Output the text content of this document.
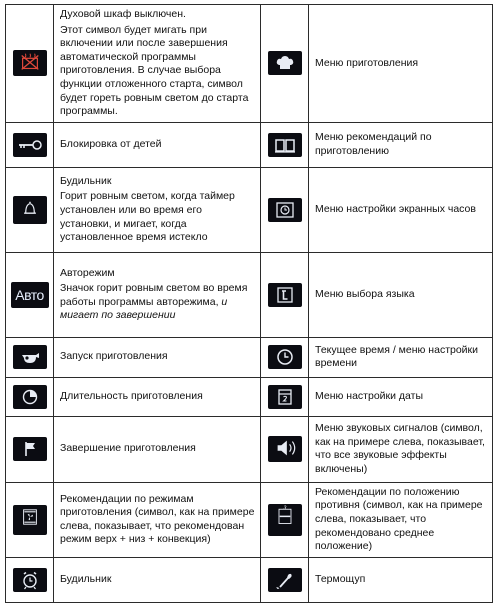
Духовой шкаф выключен.
Этот символ будет мигать при включении или после завершения автоматической программы приготовления. В случае выбора функции отложенного старта, символ будет гореть ровным светом до старта программы.		Меню приготовления

Блокировка от детей		Меню рекомендаций по приготовлению

Будильник
Горит ровным светом, когда таймер установлен или во время его установки, и мигает, когда установленное время истекло		Меню настройки экранных часов

Авто	Авторежим
Значок горит ровным светом во время работы программы авторежима, и мигает по завершении		Меню выбора языка

Запуск приготовления		Текущее время / меню настройки времени

Длительность приготовления		Меню настройки даты

Завершение приготовления		Меню звуковых сигналов (символ, как на примере слева, показывает, что все звуковые эффекты включены)

Рекомендации по режимам приготовления (символ, как на примере слева, показывает, что рекомендован режим верх + низ + конвекция)		Рекомендации по положению противня (символ, как на примере слева, показывает, что рекомендовано среднее положение)

Будильник		Термощуп
